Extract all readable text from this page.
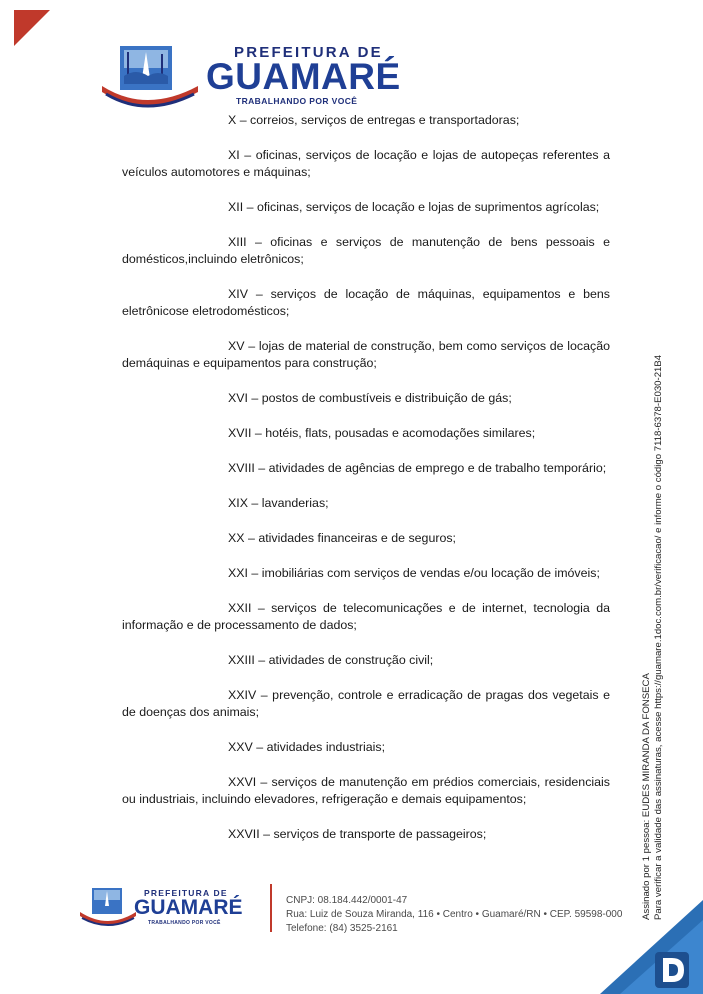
PREFEITURA DE
GUAMARÉ
TRABALHANDO POR VOCÊ

X – correios, serviços de entregas e transportadoras;

XI – oficinas, serviços de locação e lojas de autopeças referentes a veículos automotores e máquinas;

XII – oficinas, serviços de locação e lojas de suprimentos agrícolas;

XIII – oficinas e serviços de manutenção de bens pessoais e domésticos,incluindo eletrônicos;

XIV – serviços de locação de máquinas, equipamentos e bens eletrônicose eletrodomésticos;

XV – lojas de material de construção, bem como serviços de locação demáquinas e equipamentos para construção;

XVI – postos de combustíveis e distribuição de gás;

XVII – hotéis, flats, pousadas e acomodações similares;

XVIII – atividades de agências de emprego e de trabalho temporário;

XIX – lavanderias;

XX – atividades financeiras e de seguros;

XXI – imobiliárias com serviços de vendas e/ou locação de imóveis;

XXII – serviços de telecomunicações e de internet, tecnologia da informação e de processamento de dados;

XXIII – atividades de construção civil;

XXIV – prevenção, controle e erradicação de pragas dos vegetais e de doenças dos animais;

XXV – atividades industriais;

XXVI – serviços de manutenção em prédios comerciais, residenciais ou industriais, incluindo elevadores, refrigeração e demais equipamentos;

XXVII – serviços de transporte de passageiros;

PREFEITURA DE
GUAMARÉ
TRABALHANDO POR VOCÊ
CNPJ: 08.184.442/0001-47
Rua: Luiz de Souza Miranda, 116 • Centro • Guamaré/RN • CEP. 59598-000
Telefone: (84) 3525-2161
Assinado por 1 pessoa: EUDES MIRANDA DA FONSECA Para verificar a validade das assinaturas, acesse https://guamare.1doc.com.br/verificacao/ e informe o código 7118-6378-E030-21B4
